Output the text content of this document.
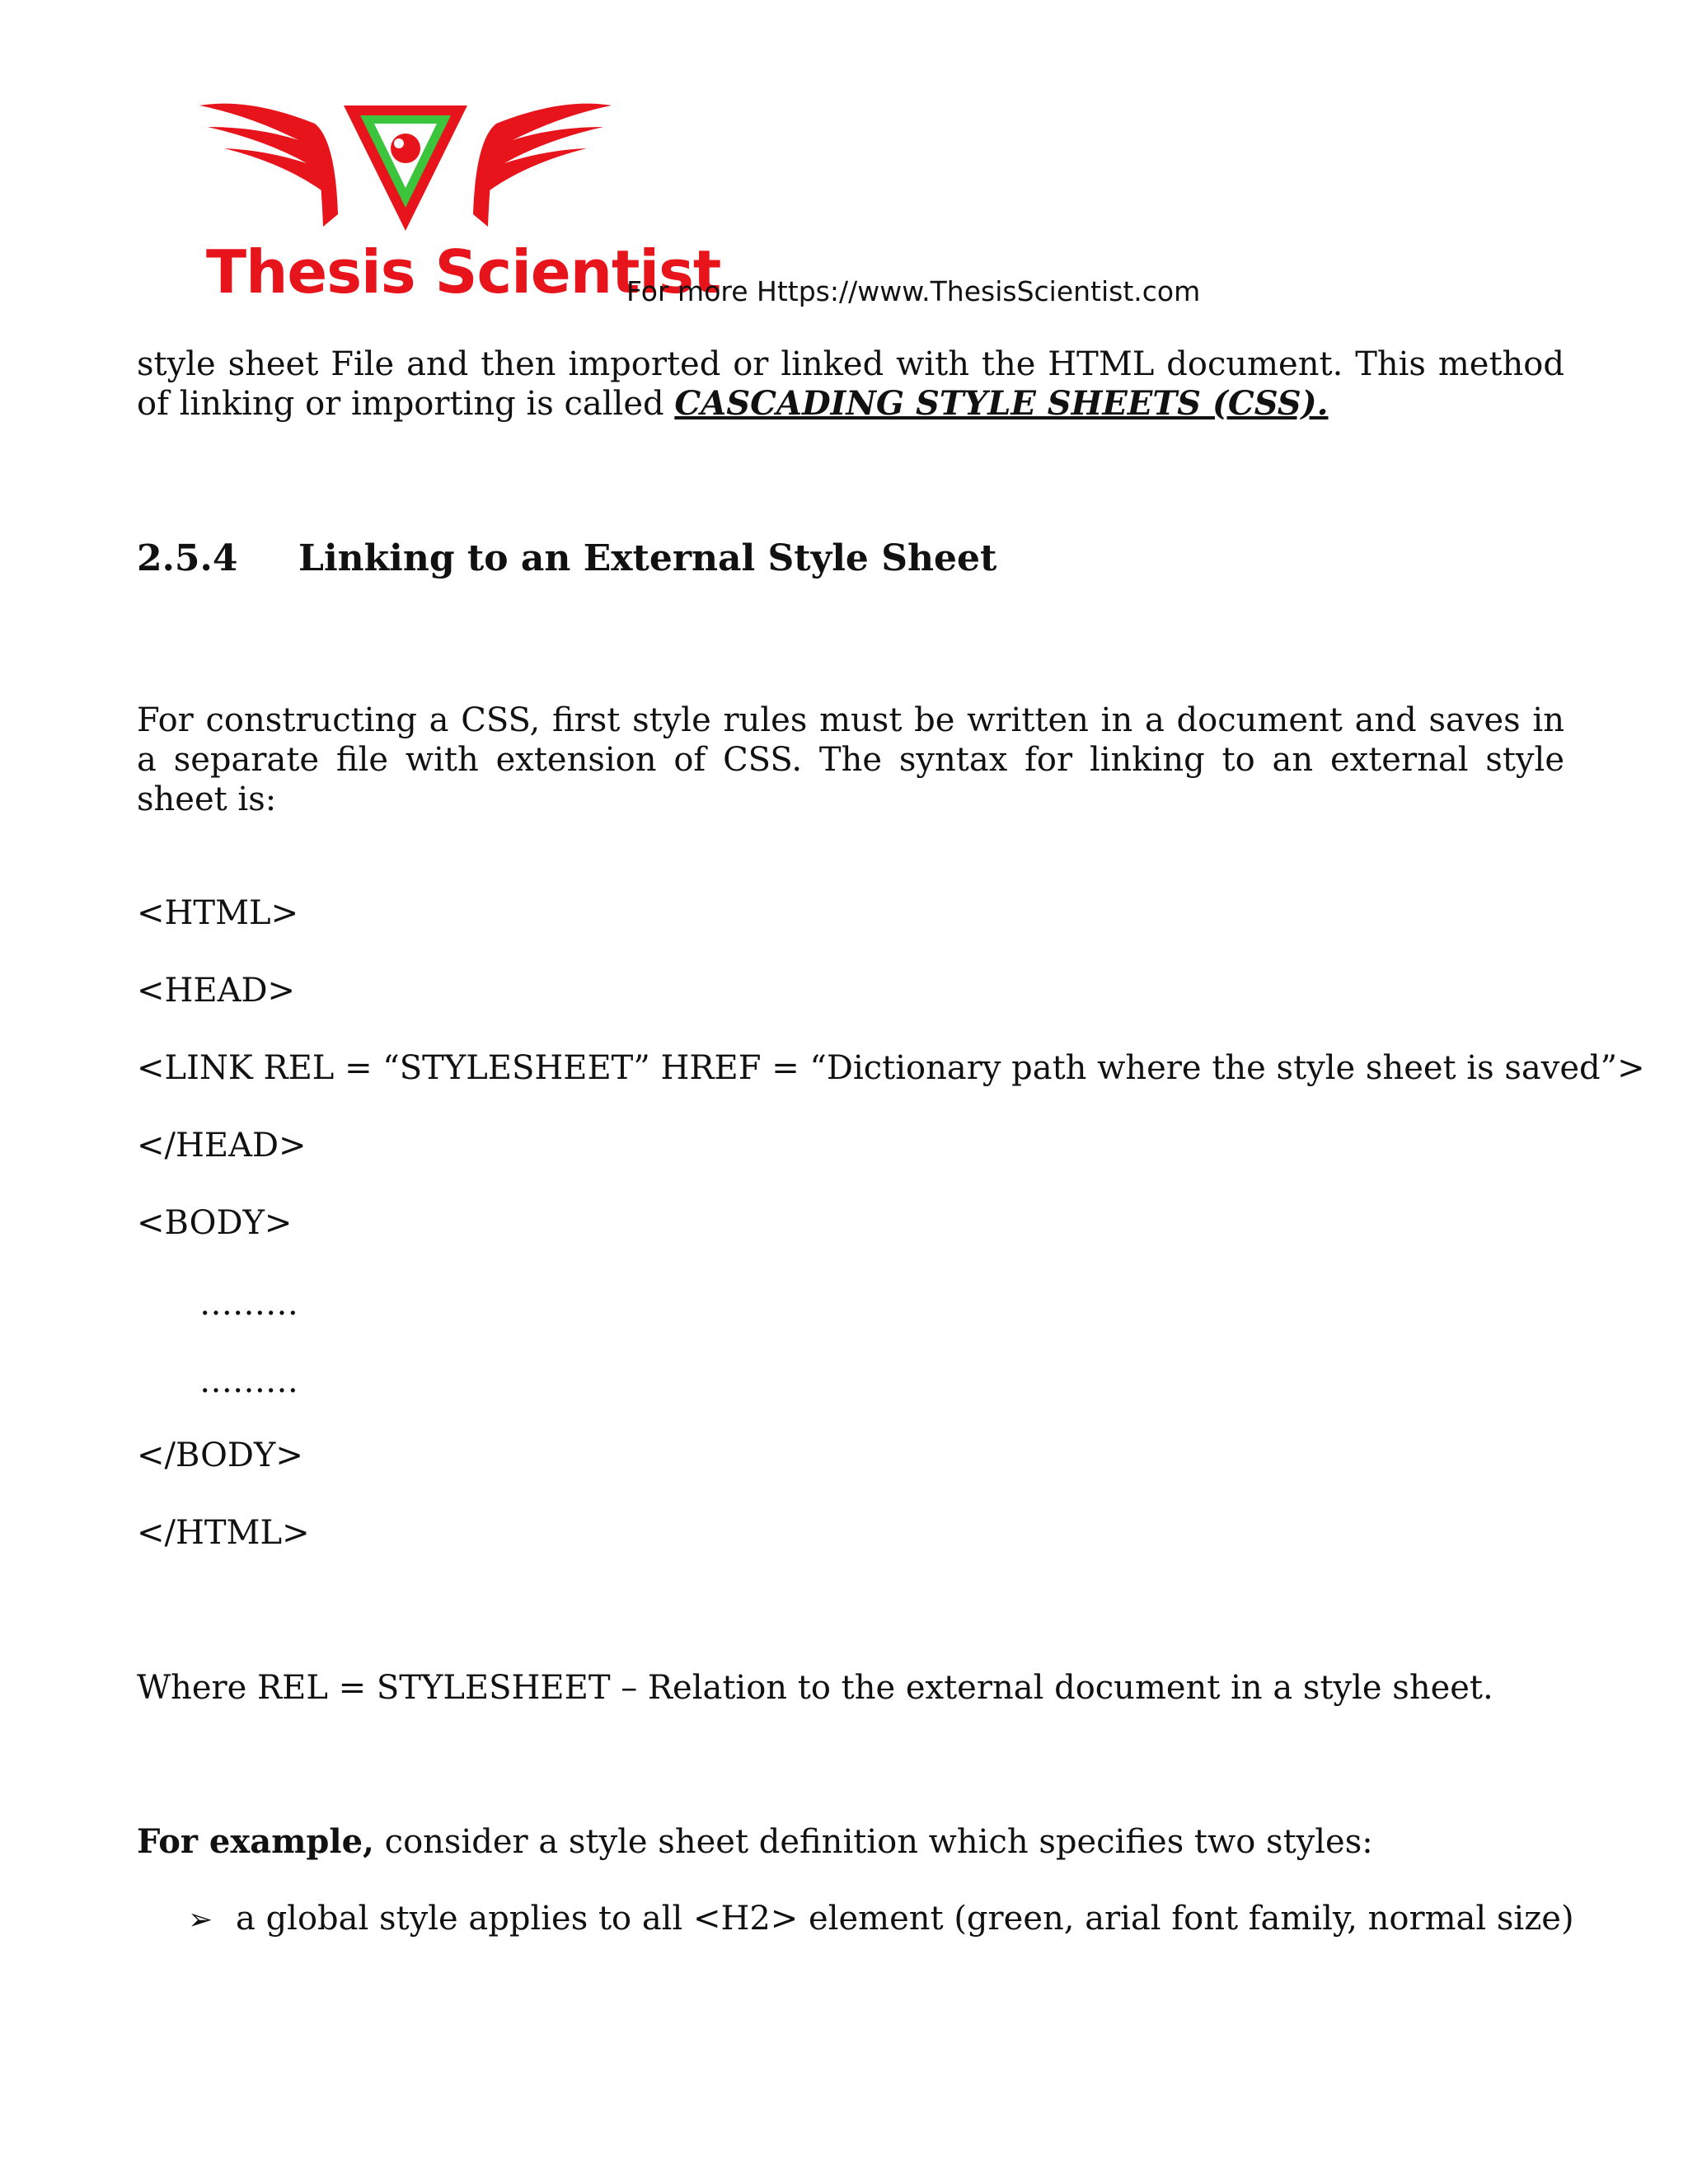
Thesis Scientist
For more Https://www.ThesisScientist.com
style sheet File and then imported or linked with the HTML document. This method of linking or importing is called CASCADING STYLE SHEETS (CSS).
2.5.4 Linking to an External Style Sheet
For constructing a CSS, first style rules must be written in a document and saves in a separate file with extension of CSS. The syntax for linking to an external style sheet is:
<HTML>
<HEAD>
<LINK REL = “STYLESHEET” HREF = “Dictionary path where the style sheet is saved”>
</HEAD>
<BODY>
………
………
</BODY>
</HTML>
Where REL = STYLESHEET – Relation to the external document in a style sheet.
For example, consider a style sheet definition which specifies two styles:
➢ a global style applies to all <H2> element (green, arial font family, normal size)
